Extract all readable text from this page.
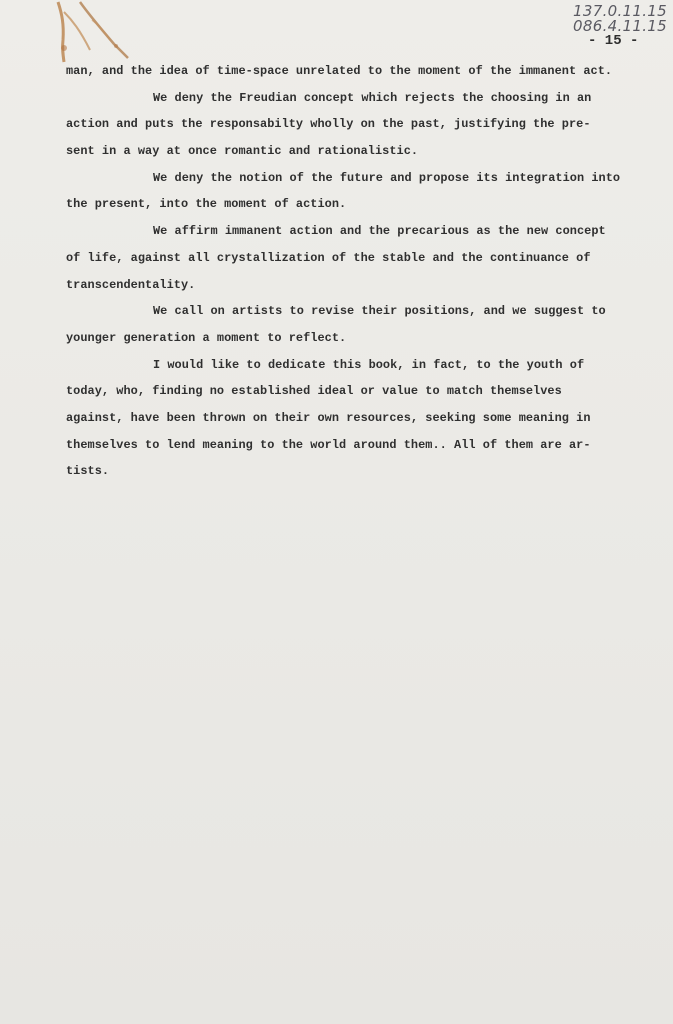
137.0.11.15
086.4.11.15
- 15 -
man, and the idea of time-space unrelated to the moment of the immanent act.
We deny the Freudian concept which rejects the choosing in an
action and puts the responsabilty wholly on the past, justifying the pre-
sent in a way at once romantic and rationalistic.
We deny the notion of the future and propose its integration into
the present, into the moment of action.
We affirm immanent action and the precarious as the new concept
of life, against all crystallization of the stable and the continuance of
transcendentality.
We call on artists to revise their positions, and we suggest to
younger generation a moment to reflect.
I would like to dedicate this book, in fact, to the youth of
today, who, finding no established ideal or value to match themselves
against, have been thrown on their own resources, seeking some meaning in
themselves to lend meaning to the world around them.. All of them are ar-
tists.
